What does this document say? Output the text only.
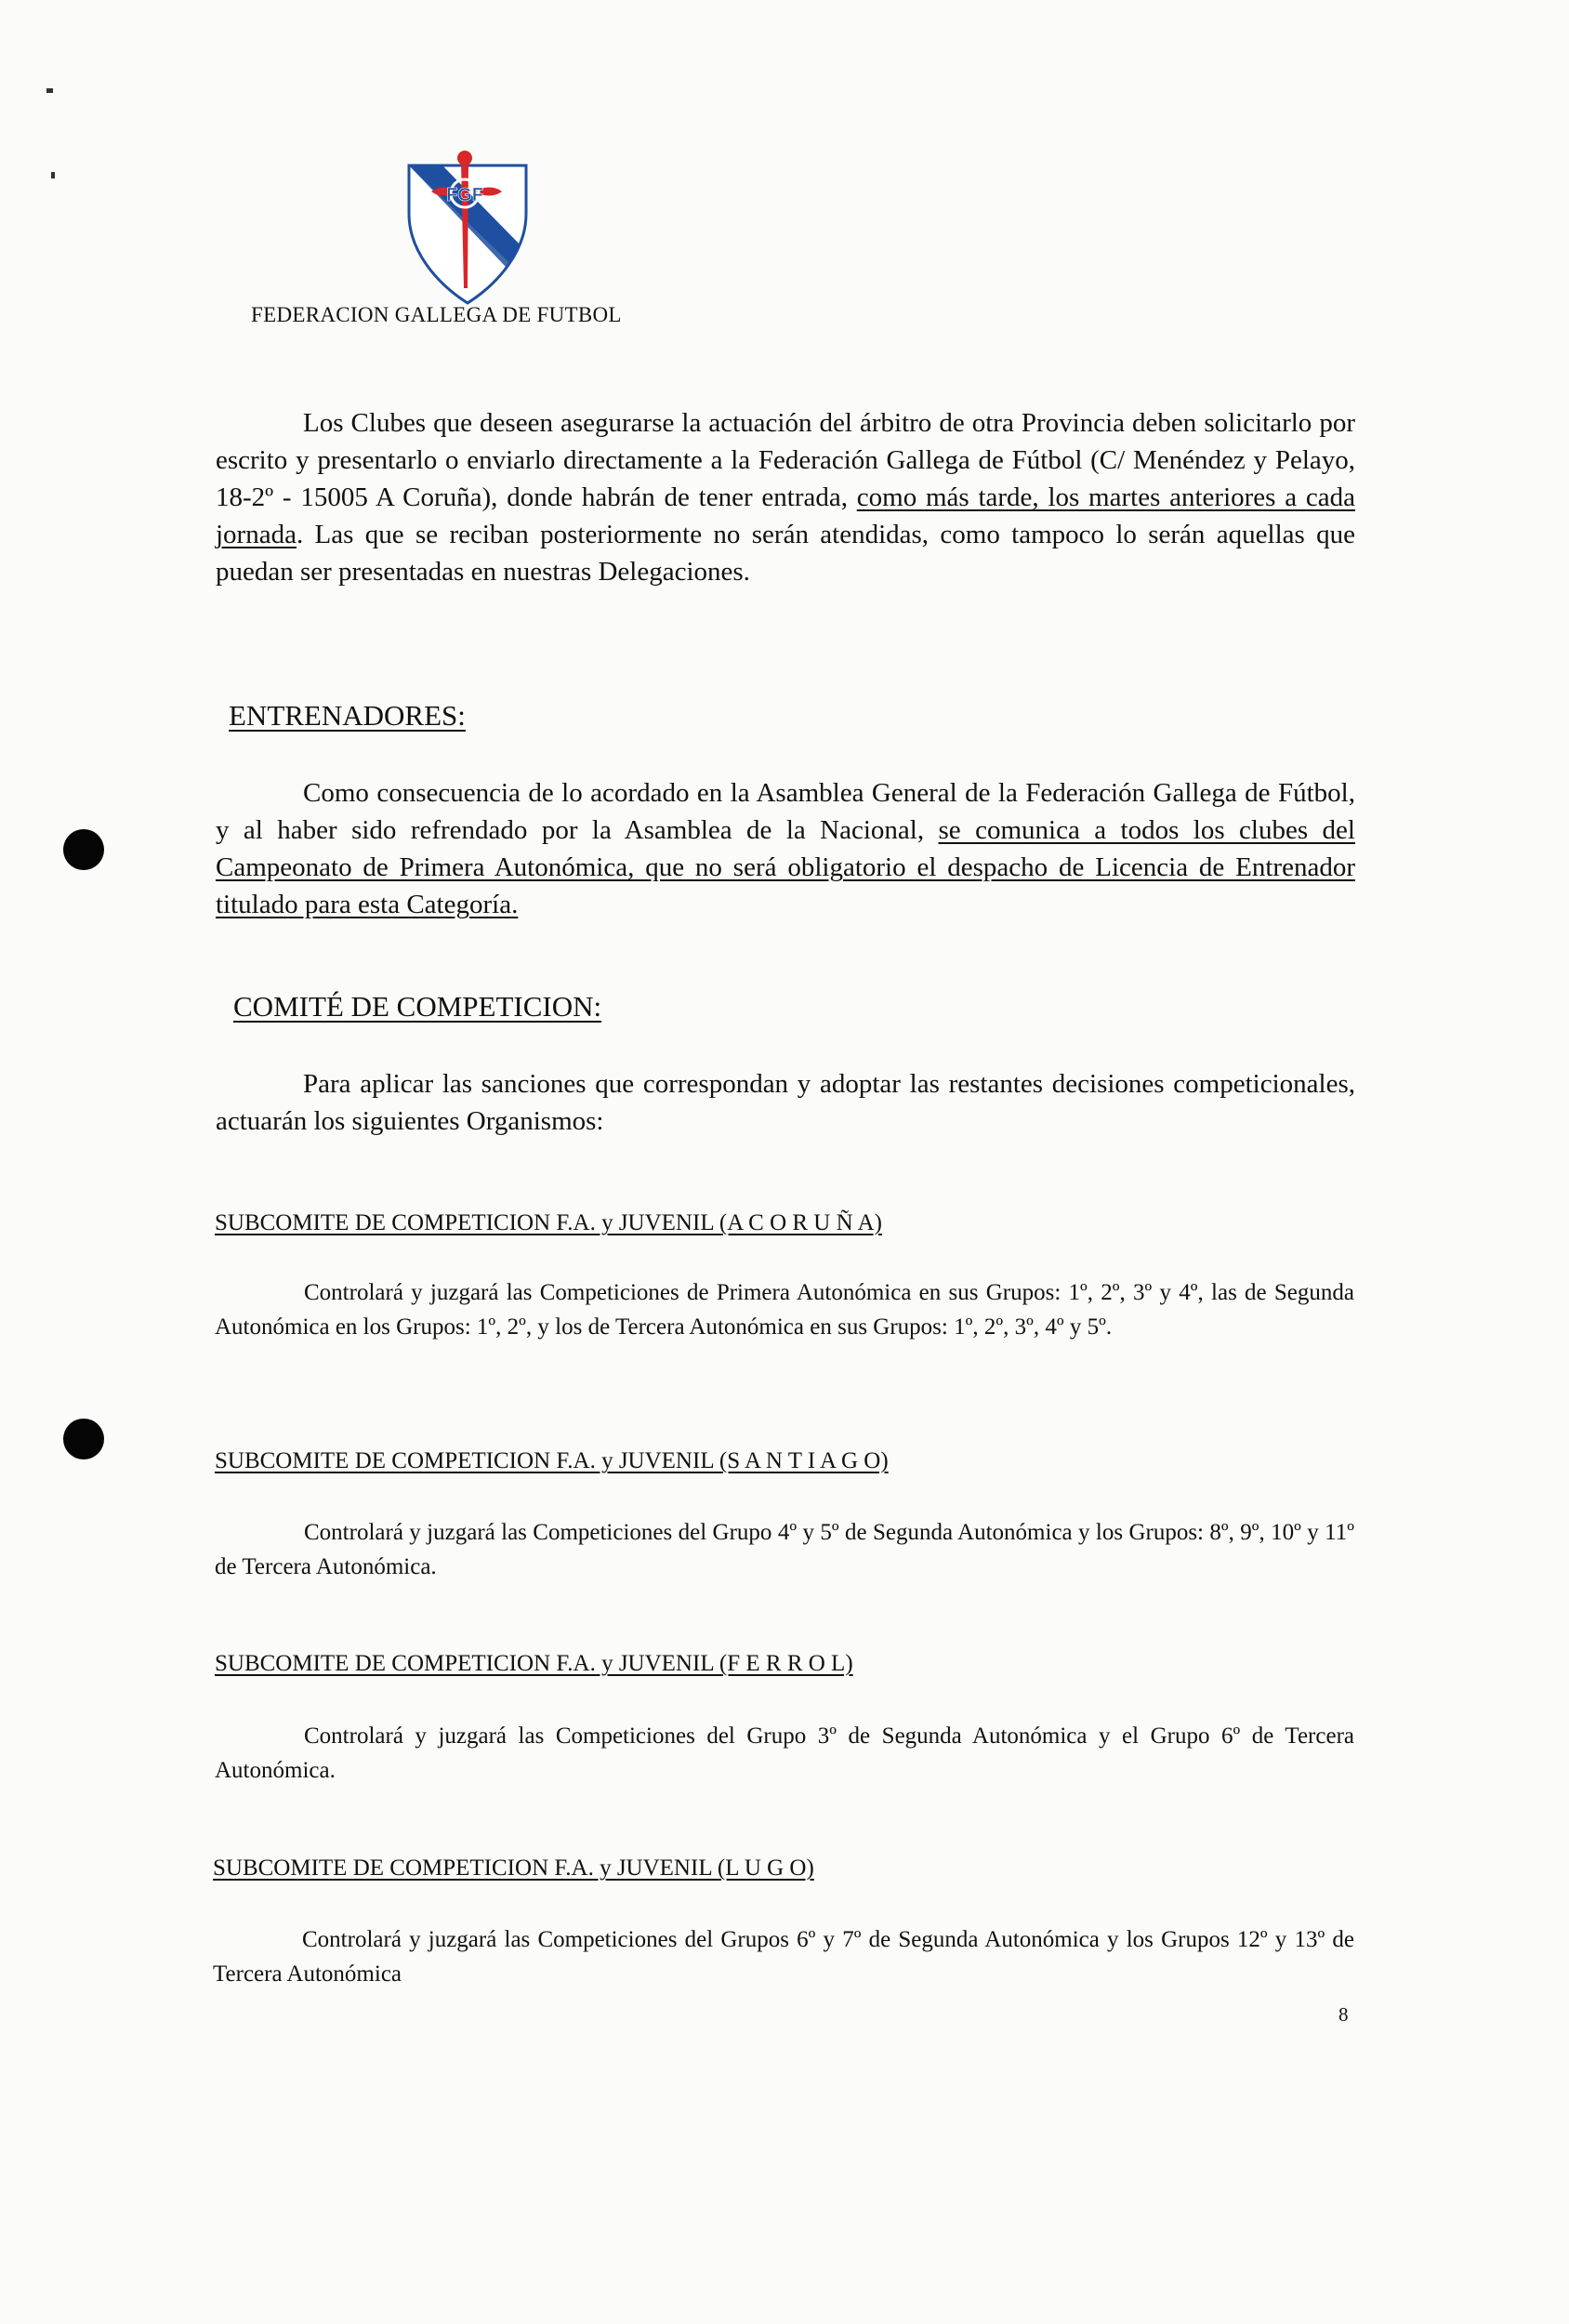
FGF
FEDERACION GALLEGA DE FUTBOL

Los Clubes que deseen asegurarse la actuación del árbitro de otra Provincia deben solicitarlo por escrito y presentarlo o enviarlo directamente a la Federación Gallega de Fútbol (C/ Menéndez y Pelayo, 18-2º - 15005 A Coruña), donde habrán de tener entrada, como más tarde, los martes anteriores a cada jornada. Las que se reciban posteriormente no serán atendidas, como tampoco lo serán aquellas que puedan ser presentadas en nuestras Delegaciones.

ENTRENADORES:

Como consecuencia de lo acordado en la Asamblea General de la Federación Gallega de Fútbol, y al haber sido refrendado por la Asamblea de la Nacional, se comunica a todos los clubes del Campeonato de Primera Autonómica, que no será obligatorio el despacho de Licencia de Entrenador titulado para esta Categoría.

COMITÉ DE COMPETICION:

Para aplicar las sanciones que correspondan y adoptar las restantes decisiones competicionales, actuarán los siguientes Organismos:

SUBCOMITE DE COMPETICION F.A. y JUVENIL (A C O R U Ñ A)

Controlará y juzgará las Competiciones de Primera Autonómica en sus Grupos: 1º, 2º, 3º y 4º, las de Segunda Autonómica en los Grupos: 1º, 2º, y los de Tercera Autonómica en sus Grupos: 1º, 2º, 3º, 4º y 5º.

SUBCOMITE DE COMPETICION F.A. y JUVENIL (S A N T I A G O)

Controlará y juzgará las Competiciones del Grupo 4º y 5º de Segunda Autonómica y los Grupos: 8º, 9º, 10º y 11º de Tercera Autonómica.

SUBCOMITE DE COMPETICION F.A. y JUVENIL (F E R R O L)

Controlará y juzgará las Competiciones del Grupo 3º de Segunda Autonómica y el Grupo 6º de Tercera Autonómica.

SUBCOMITE DE COMPETICION F.A. y JUVENIL (L U G O)

Controlará y juzgará las Competiciones del Grupos 6º y 7º de Segunda Autonómica y los Grupos 12º y 13º de Tercera Autonómica

8
